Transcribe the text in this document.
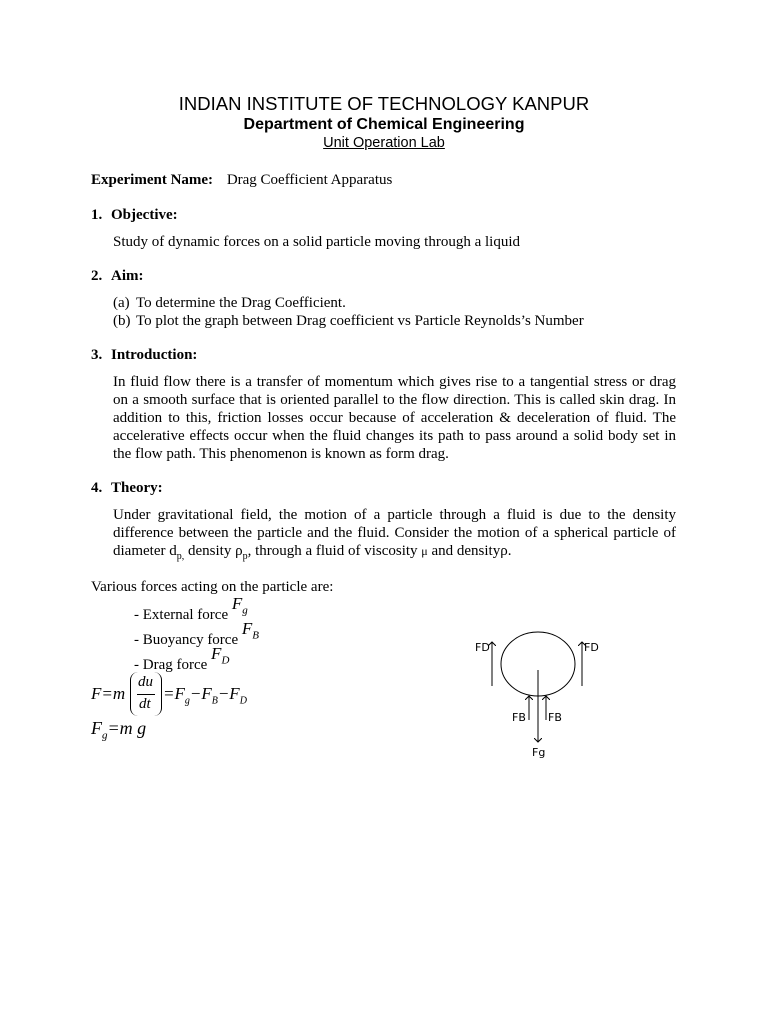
INDIAN INSTITUTE OF TECHNOLOGY KANPUR
Department of Chemical Engineering
Unit Operation Lab
Experiment Name: Drag Coefficient Apparatus
1. Objective:
Study of dynamic forces on a solid particle moving through a liquid
2. Aim:
(a) To determine the Drag Coefficient.
(b) To plot the graph between Drag coefficient vs Particle Reynolds’s Number
3. Introduction:
In fluid flow there is a transfer of momentum which gives rise to a tangential stress or drag on a smooth surface that is oriented parallel to the flow direction. This is called skin drag. In addition to this, friction losses occur because of acceleration & deceleration of fluid. The accelerative effects occur when the fluid changes its path to pass around a solid body set in the flow path. This phenomenon is known as form drag.
4. Theory:
Under gravitational field, the motion of a particle through a fluid is due to the density difference between the particle and the fluid. Consider the motion of a spherical particle of diameter $d_{p,}$ density $\rho_p$, through a fluid of viscosity μ and densityρ.
Various forces acting on the particle are:
- External force $F_g$
- Buoyancy force $F_B$
- Drag force $F_D$
F=m
du
dt
$=F_g-F_B-F_D$
$F_g=m$ g
FD	FD
FB FB
Fg
